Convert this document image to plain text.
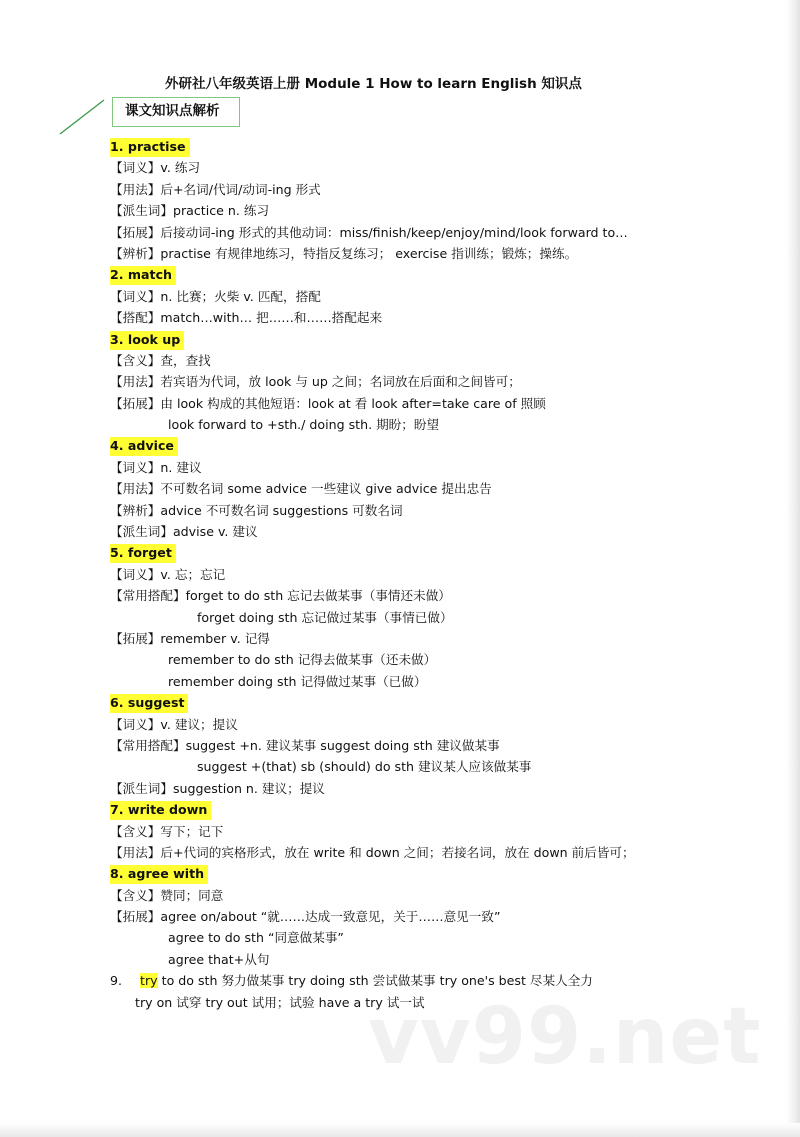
外研社八年级英语上册 Module 1 How to learn English 知识点
课文知识点解析
1. practise
【词义】v. 练习
【用法】后+名词/代词/动词-ing 形式
【派生词】practice n. 练习
【拓展】后接动词-ing 形式的其他动词：miss/finish/keep/enjoy/mind/look forward to…
【辨析】practise 有规律地练习，特指反复练习； exercise 指训练；锻炼；操练。
2. match
【词义】n. 比赛；火柴 v. 匹配，搭配
【搭配】match…with… 把……和……搭配起来
3. look up
【含义】查，查找
【用法】若宾语为代词，放 look 与 up 之间；名词放在后面和之间皆可；
【拓展】由 look 构成的其他短语：look at 看 look after=take care of 照顾
look forward to +sth./ doing sth. 期盼；盼望
4. advice
【词义】n. 建议
【用法】不可数名词 some advice 一些建议 give advice 提出忠告
【辨析】advice 不可数名词 suggestions 可数名词
【派生词】advise v. 建议
5. forget
【词义】v. 忘；忘记
【常用搭配】forget to do sth 忘记去做某事（事情还未做）
forget doing sth 忘记做过某事（事情已做）
【拓展】remember v. 记得
remember to do sth 记得去做某事（还未做）
remember doing sth 记得做过某事（已做）
6. suggest
【词义】v. 建议；提议
【常用搭配】suggest +n. 建议某事 suggest doing sth 建议做某事
suggest +(that) sb (should) do sth 建议某人应该做某事
【派生词】suggestion n. 建议；提议
7. write down
【含义】写下；记下
【用法】后+代词的宾格形式，放在 write 和 down 之间；若接名词，放在 down 前后皆可；
8. agree with
【含义】赞同；同意
【拓展】agree on/about “就……达成一致意见，关于……意见一致”
agree to do sth “同意做某事”
agree that+从句
9. try to do sth 努力做某事 try doing sth 尝试做某事 try one's best 尽某人全力
try on 试穿 try out 试用；试验 have a try 试一试
vv99.net
